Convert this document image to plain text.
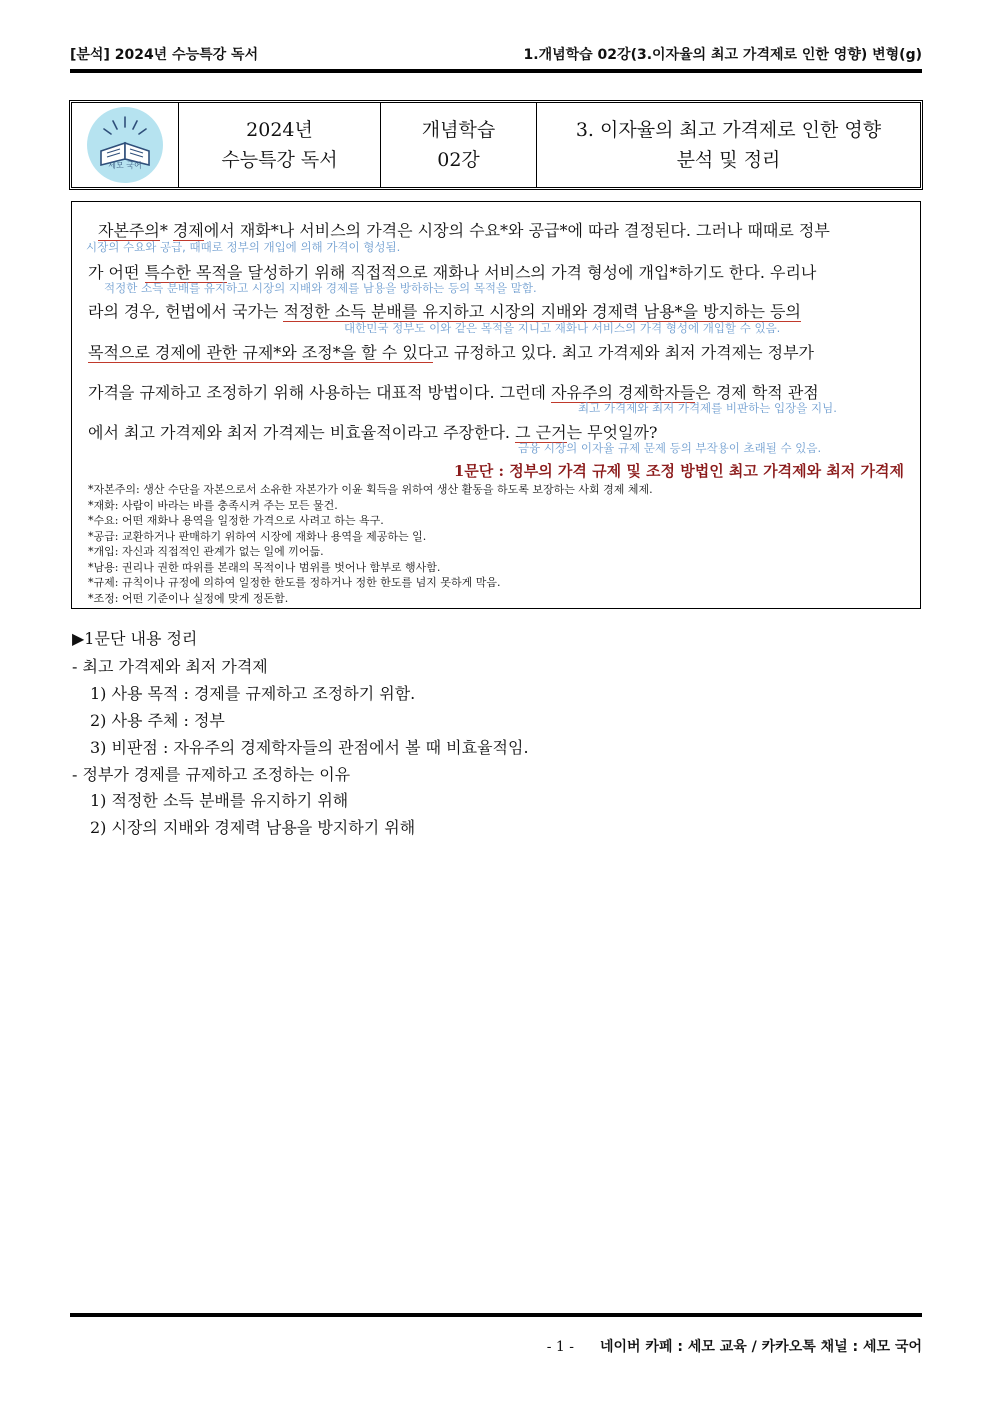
[분석] 2024년 수능특강 독서	1.개념학습 02강(3.이자율의 최고 가격제로 인한 영향) 변형(g)
세모 국어
2024년
수능특강 독서
개념학습
02강
3. 이자율의 최고 가격제로 인한 영향
분석 및 정리
자본주의* 경제에서 재화*나 서비스의 가격은 시장의 수요*와 공급*에 따라 결정된다. 그러나 때때로 정부
시장의 수요와 공급, 때때로 정부의 개입에 의해 가격이 형성됨.
가 어떤 특수한 목적을 달성하기 위해 직접적으로 재화나 서비스의 가격 형성에 개입*하기도 한다. 우리나
적정한 소득 분배를 유지하고 시장의 지배와 경제를 남용을 방하하는 등의 목적을 말함.
라의 경우, 헌법에서 국가는 적정한 소득 분배를 유지하고 시장의 지배와 경제력 남용*을 방지하는 등의
대한민국 정부도 이와 같은 목적을 지니고 재화나 서비스의 가격 형성에 개입할 수 있음.
목적으로 경제에 관한 규제*와 조정*을 할 수 있다고 규정하고 있다. 최고 가격제와 최저 가격제는 정부가
가격을 규제하고 조정하기 위해 사용하는 대표적 방법이다. 그런데 자유주의 경제학자들은 경제 학적 관점
최고 가격제와 최저 가격제를 비판하는 입장을 지님.
에서 최고 가격제와 최저 가격제는 비효율적이라고 주장한다. 그 근거는 무엇일까?
금융 시장의 이자율 규제 문제 등의 부작용이 초래될 수 있음.
1문단 : 정부의 가격 규제 및 조정 방법인 최고 가격제와 최저 가격제
*자본주의: 생산 수단을 자본으로서 소유한 자본가가 이윤 획득을 위하여 생산 활동을 하도록 보장하는 사회 경제 체제.
*재화: 사람이 바라는 바를 충족시켜 주는 모든 물건.
*수요: 어떤 재화나 용역을 일정한 가격으로 사려고 하는 욕구.
*공급: 교환하거나 판매하기 위하여 시장에 재화나 용역을 제공하는 일.
*개입: 자신과 직접적인 관계가 없는 일에 끼어듦.
*남용: 권리나 권한 따위를 본래의 목적이나 범위를 벗어나 함부로 행사함.
*규제: 규칙이나 규정에 의하여 일정한 한도를 정하거나 정한 한도를 넘지 못하게 막음.
*조정: 어떤 기준이나 실정에 맞게 정돈함.
▶1문단 내용 정리
- 최고 가격제와 최저 가격제
1) 사용 목적 : 경제를 규제하고 조정하기 위함.
2) 사용 주체 : 정부
3) 비판점 : 자유주의 경제학자들의 관점에서 볼 때 비효율적임.
- 정부가 경제를 규제하고 조정하는 이유
1) 적정한 소득 분배를 유지하기 위해
2) 시장의 지배와 경제력 남용을 방지하기 위해
- 1 - 네이버 카페 : 세모 교육 / 카카오톡 채널 : 세모 국어
